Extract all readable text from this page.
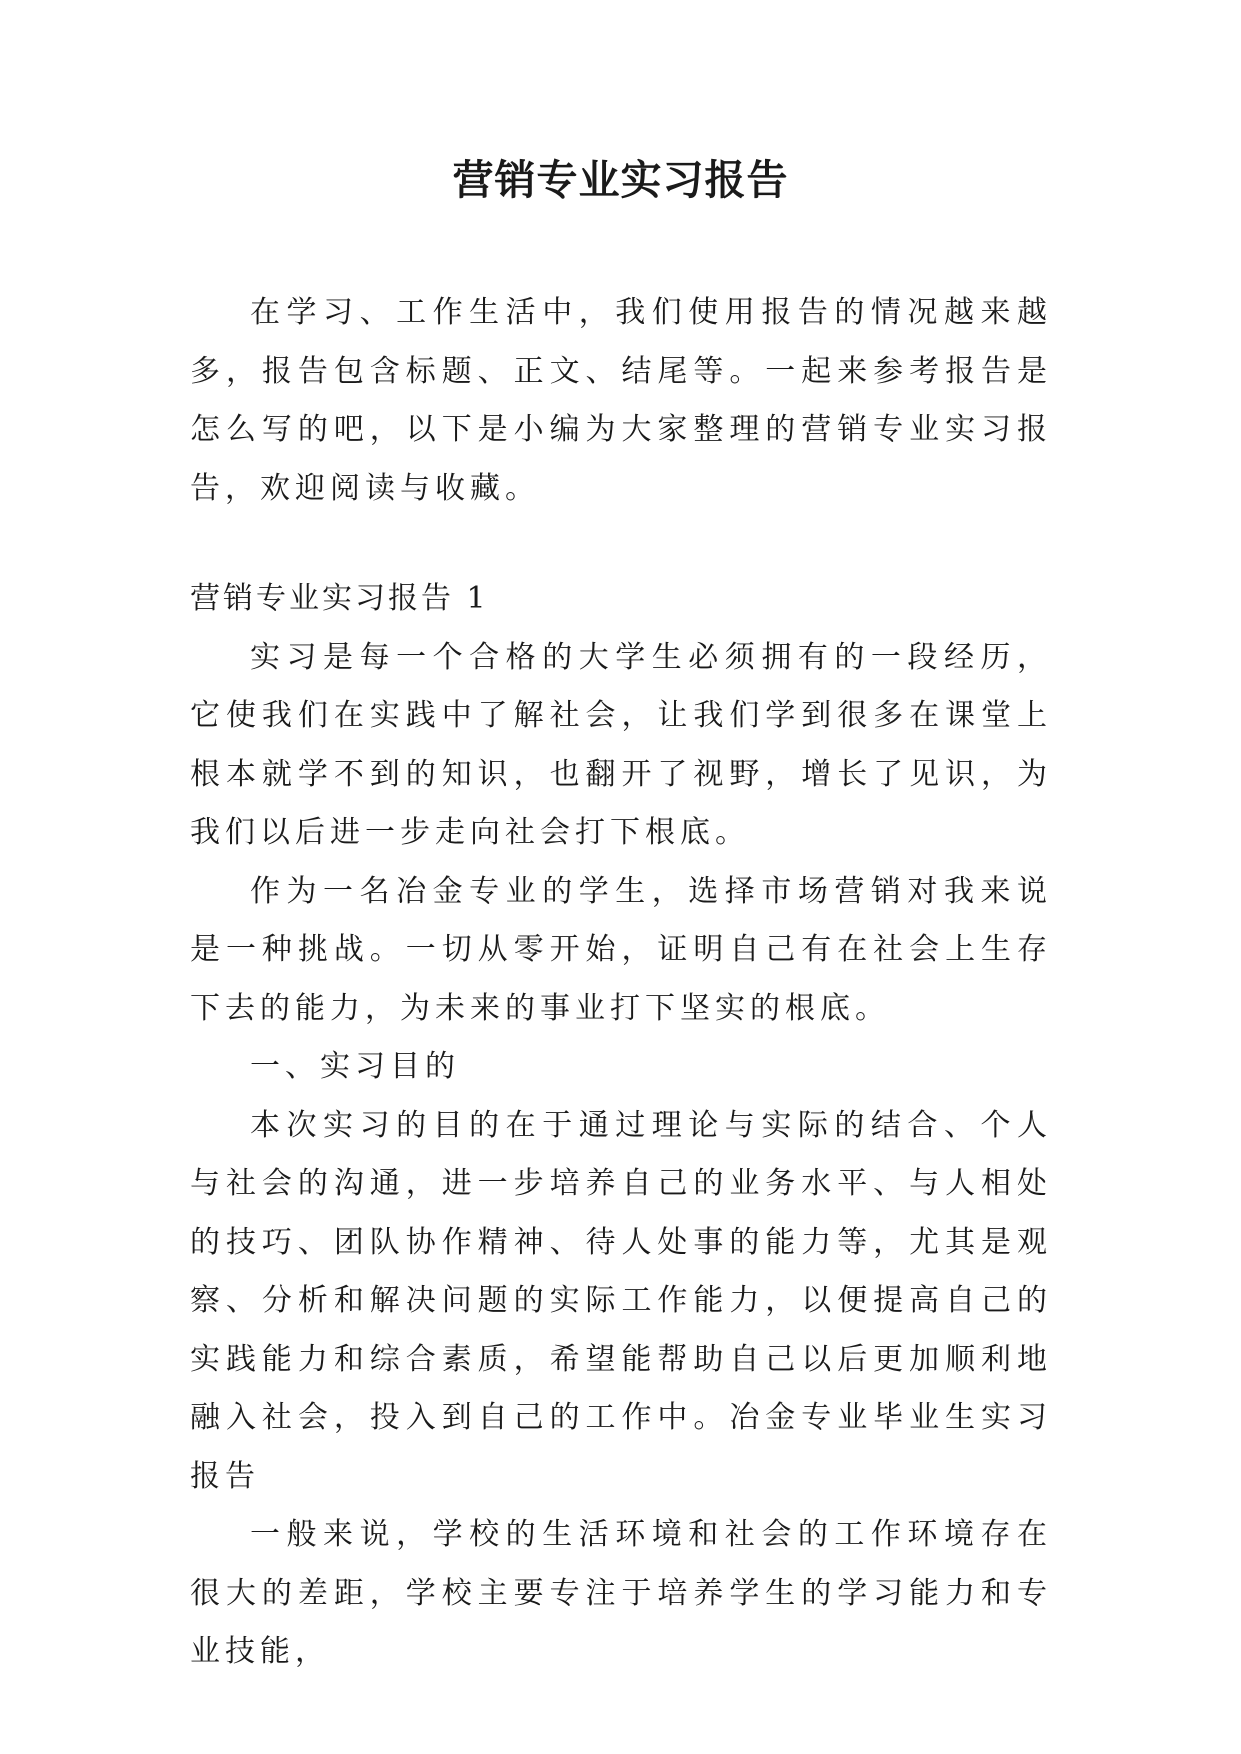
营销专业实习报告

在学习、工作生活中，我们使用报告的情况越来越多，报告包含标题、正文、结尾等。一起来参考报告是怎么写的吧，以下是小编为大家整理的营销专业实习报告，欢迎阅读与收藏。

营销专业实习报告 1

实习是每一个合格的大学生必须拥有的一段经历，它使我们在实践中了解社会，让我们学到很多在课堂上根本就学不到的知识，也翻开了视野，增长了见识，为我们以后进一步走向社会打下根底。

作为一名冶金专业的学生，选择市场营销对我来说是一种挑战。一切从零开始，证明自己有在社会上生存下去的能力，为未来的事业打下坚实的根底。

一、实习目的

本次实习的目的在于通过理论与实际的结合、个人与社会的沟通，进一步培养自己的业务水平、与人相处的技巧、团队协作精神、待人处事的能力等，尤其是观察、分析和解决问题的实际工作能力，以便提高自己的实践能力和综合素质，希望能帮助自己以后更加顺利地融入社会，投入到自己的工作中。冶金专业毕业生实习报告

一般来说，学校的生活环境和社会的工作环境存在很大的差距，学校主要专注于培养学生的学习能力和专业技能，
